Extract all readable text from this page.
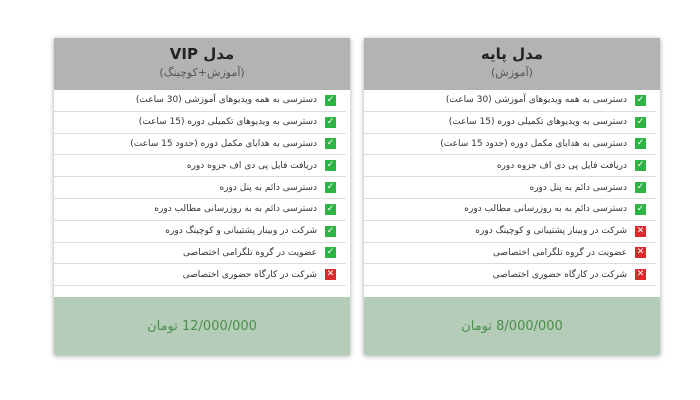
مدل VIP
(آموزش+کوچینگ)
✓
دسترسی به همه ویدیوهای آموزشی (30 ساعت)
✓
دسترسی به ویدیوهای تکمیلی دوره (15 ساعت)
✓
دسترسی به هدایای مکمل دوره (حدود 15 ساعت)
✓
دریافت فایل پی دی اف جزوه دوره
✓
دسترسی دائم به پنل دوره
✓
دسترسی دائم به به روزرسانی مطالب دوره
✓
شرکت در وبینار پشتیبانی و کوچینگ دوره
✓
عضویت در گروه تلگرامی اختصاصی
✕
شرکت در کارگاه حضوری اختصاصی
12/000/000 تومان
مدل پایه
(آموزش)
✓
دسترسی به همه ویدیوهای آموزشی (30 ساعت)
✓
دسترسی به ویدیوهای تکمیلی دوره (15 ساعت)
✓
دسترسی به هدایای مکمل دوره (حدود 15 ساعت)
✓
دریافت فایل پی دی اف جزوه دوره
✓
دسترسی دائم به پنل دوره
✓
دسترسی دائم به به روزرسانی مطالب دوره
✕
شرکت در وبینار پشتیبانی و کوچینگ دوره
✕
عضویت در گروه تلگرامی اختصاصی
✕
شرکت در کارگاه حضوری اختصاصی
8/000/000 تومان
